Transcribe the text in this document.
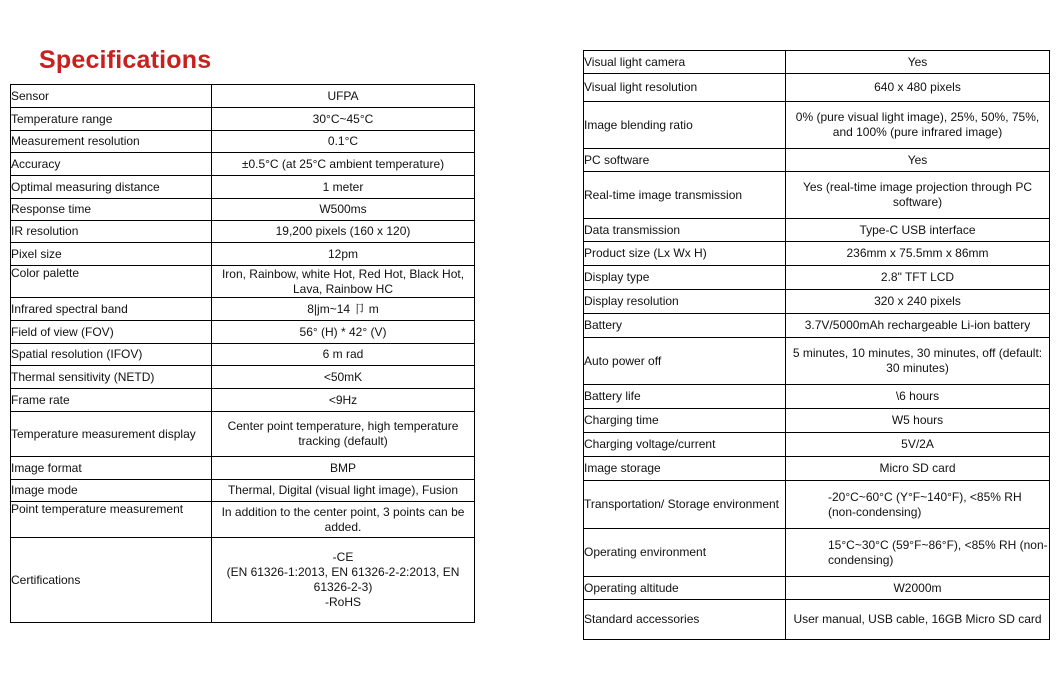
Specifications
Sensor	UFPA
Temperature range	30°C~45°C
Measurement resolution	0.1°C
Accuracy	±0.5°C (at 25°C ambient temperature)
Optimal measuring distance	1 meter
Response time	W500ms
IR resolution	19,200 pixels (160 x 120)
Pixel size	12pm
Color palette	Iron, Rainbow, white Hot, Red Hot, Black Hot, Lava, Rainbow HC
Infrared spectral band	8|jm~14 卩 m
Field of view (FOV)	56° (H) * 42° (V)
Spatial resolution (IFOV)	6 m rad
Thermal sensitivity (NETD)	<50mK
Frame rate	<9Hz
Temperature measurement display	Center point temperature, high temperature tracking (default)
Image format	BMP
Image mode	Thermal, Digital (visual light image), Fusion
Point temperature measurement	In addition to the center point, 3 points can be added.
Certifications	-CE
(EN 61326-1:2013, EN 61326-2-2:2013, EN 61326-2-3)
-RoHS
Visual light camera	Yes
Visual light resolution	640 x 480 pixels
Image blending ratio	0% (pure visual light image), 25%, 50%, 75%, and 100% (pure infrared image)
PC software	Yes
Real-time image transmission	Yes (real-time image projection through PC software)
Data transmission	Type-C USB interface
Product size (Lx Wx H)	236mm x 75.5mm x 86mm
Display type	2.8" TFT LCD
Display resolution	320 x 240 pixels
Battery	3.7V/5000mAh rechargeable Li-ion battery
Auto power off	5 minutes, 10 minutes, 30 minutes, off (default: 30 minutes)
Battery life	\6 hours
Charging time	W5 hours
Charging voltage/current	5V/2A
Image storage	Micro SD card
Transportation/ Storage environment	-20°C~60°C (Y°F~140°F), <85% RH (non-condensing)
Operating environment	15°C~30°C (59°F~86°F), <85% RH (non-condensing)
Operating altitude	W2000m
Standard accessories	User manual, USB cable, 16GB Micro SD card
